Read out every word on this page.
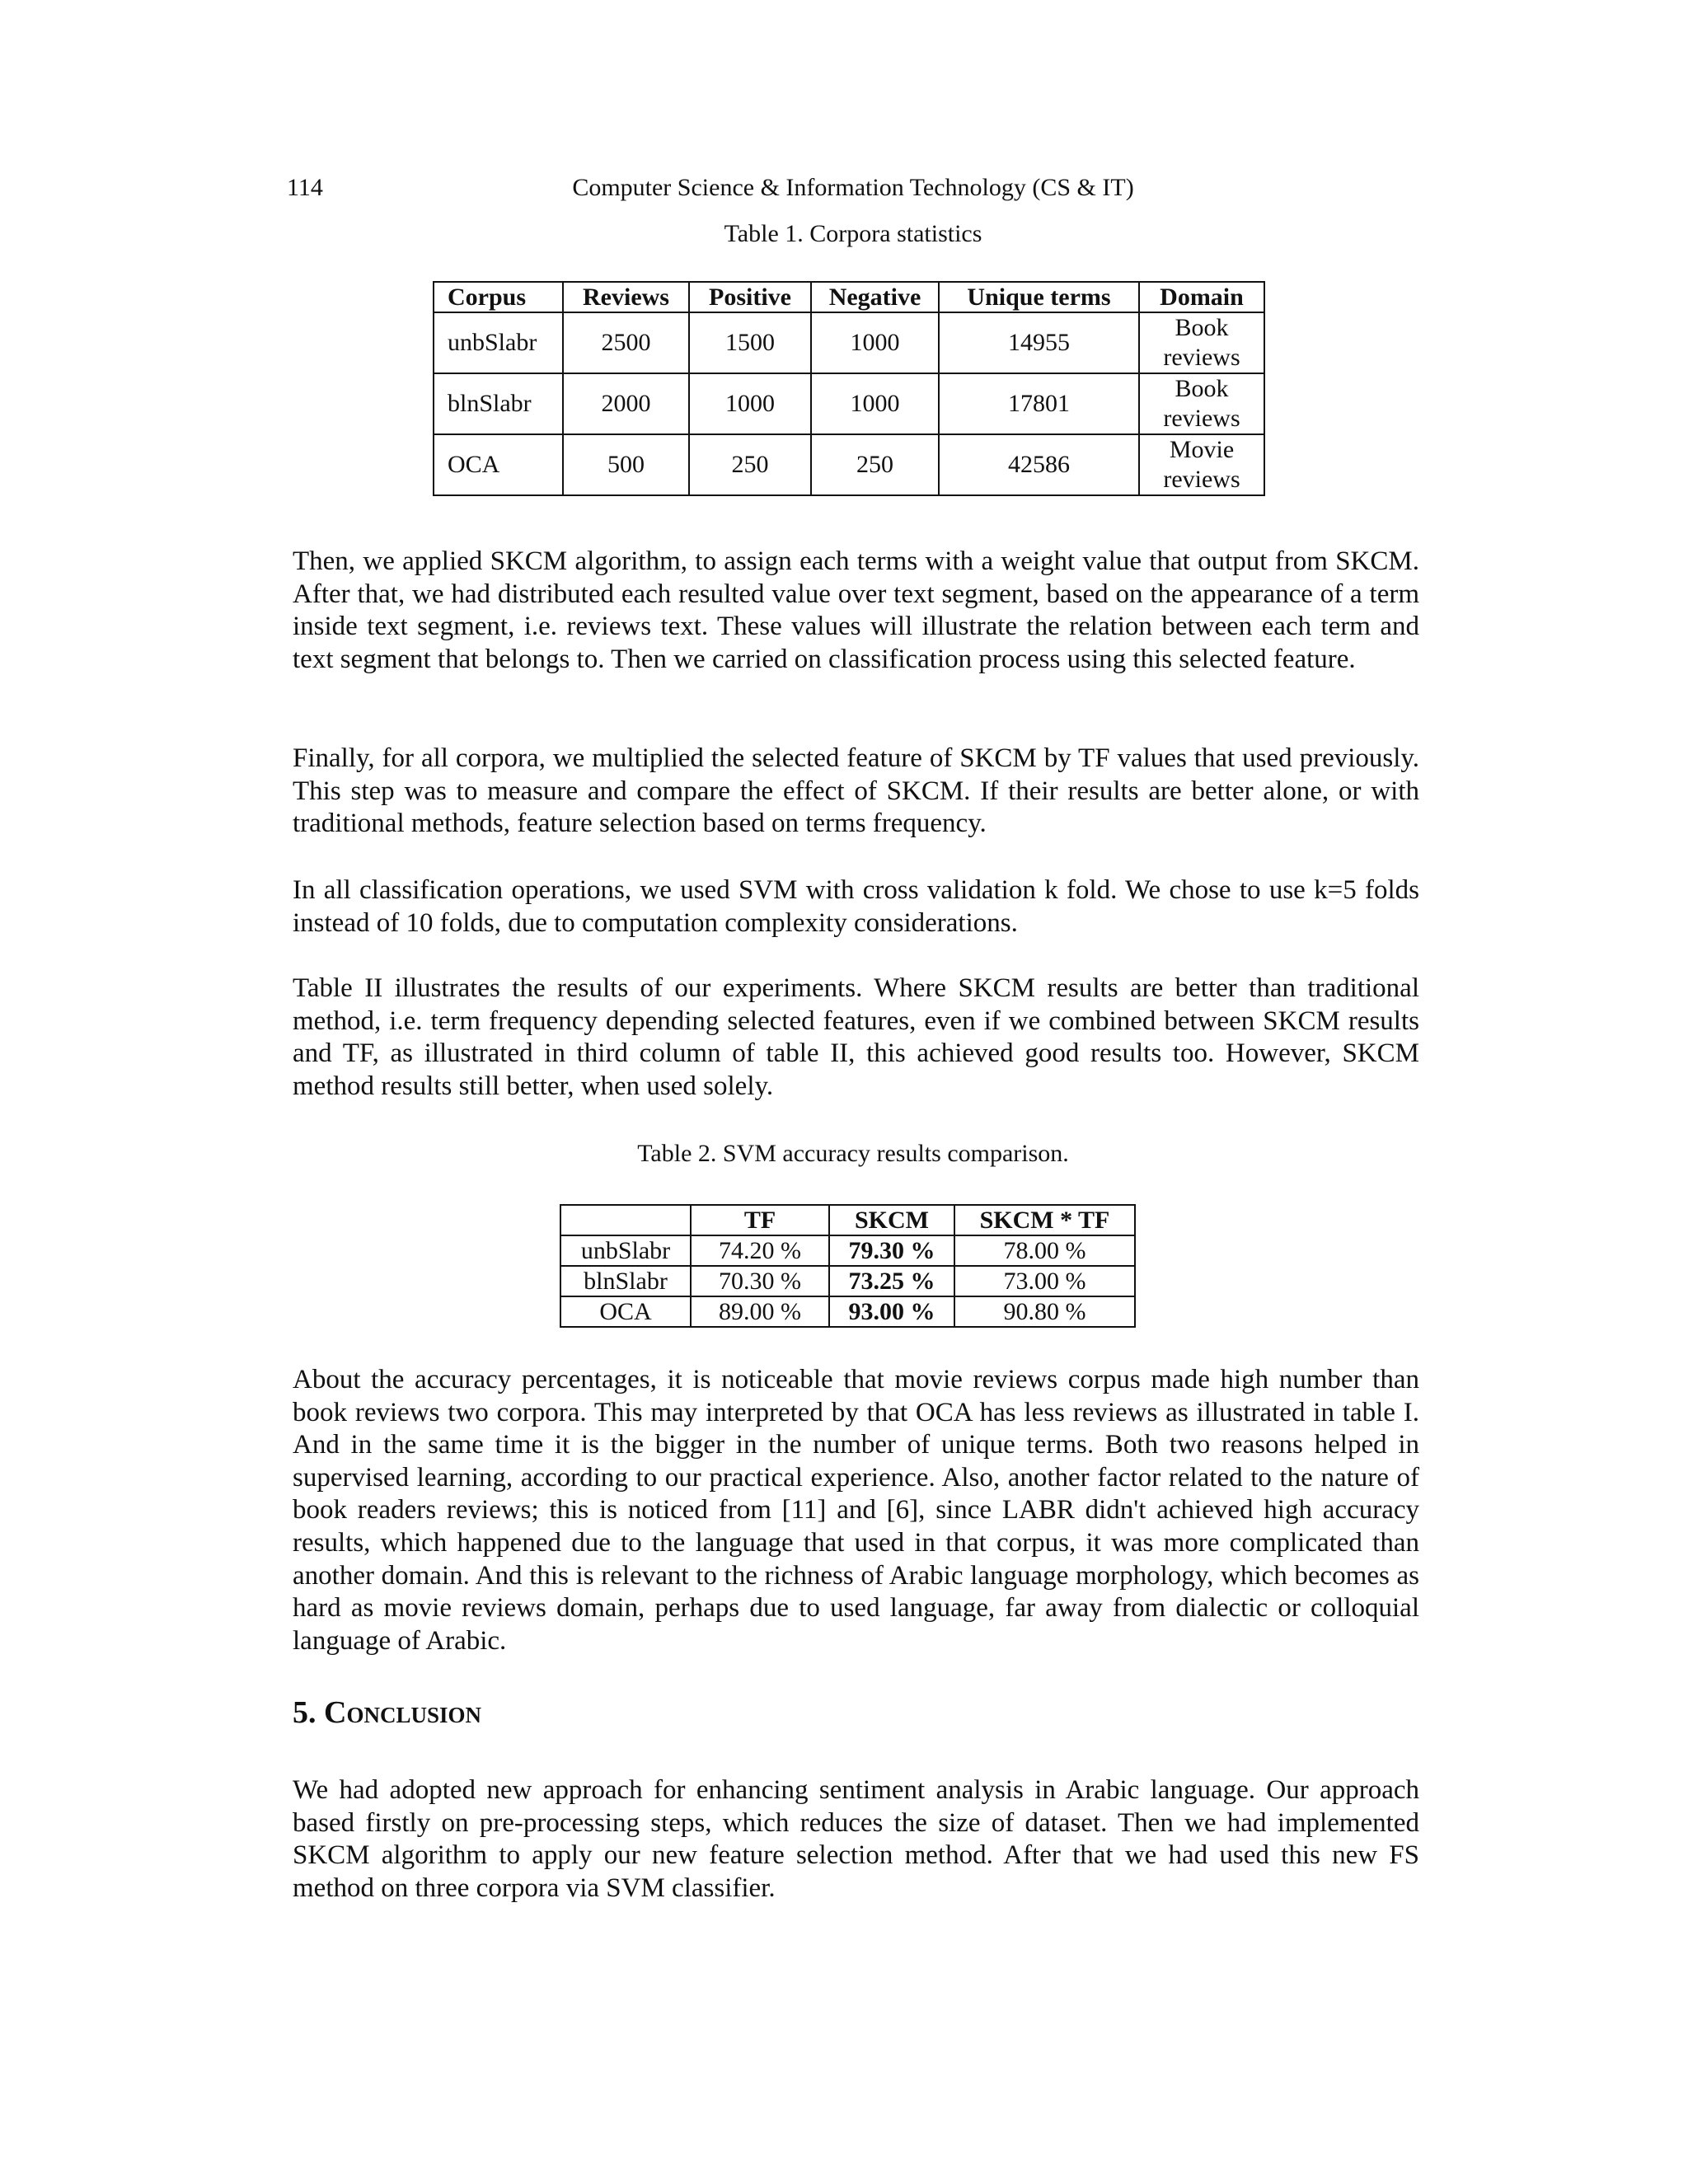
114	Computer Science & Information Technology (CS & IT)
Table 1. Corpora statistics
Corpus	Reviews	Positive	Negative	Unique terms	Domain
unbSlabr	2500	1500	1000	14955	Book
reviews

blnSlabr	2000	1000	1000	17801	Book
reviews

OCA	500	250	250	42586	Movie
reviews

Then, we applied SKCM algorithm, to assign each terms with a weight value that output from SKCM. After that, we had distributed each resulted value over text segment, based on the appearance of a term inside text segment, i.e. reviews text. These values will illustrate the relation between each term and text segment that belongs to. Then we carried on classification process using this selected feature.

Finally, for all corpora, we multiplied the selected feature of SKCM by TF values that used previously. This step was to measure and compare the effect of SKCM. If their results are better alone, or with traditional methods, feature selection based on terms frequency.

In all classification operations, we used SVM with cross validation k fold. We chose to use k=5 folds instead of 10 folds, due to computation complexity considerations.

Table II illustrates the results of our experiments. Where SKCM results are better than traditional method, i.e. term frequency depending selected features, even if we combined between SKCM results and TF, as illustrated in third column of table II, this achieved good results too. However, SKCM method results still better, when used solely.

Table 2. SVM accuracy results comparison.
	TF	SKCM	SKCM * TF
unbSlabr	74.20 %	79.30 %	78.00 %
blnSlabr	70.30 %	73.25 %	73.00 %
OCA	89.00 %	93.00 %	90.80 %

About the accuracy percentages, it is noticeable that movie reviews corpus made high number than book reviews two corpora. This may interpreted by that OCA has less reviews as illustrated in table I. And in the same time it is the bigger in the number of unique terms. Both two reasons helped in supervised learning, according to our practical experience. Also, another factor related to the nature of book readers reviews; this is noticed from [11] and [6], since LABR didn't achieved high accuracy results, which happened due to the language that used in that corpus, it was more complicated than another domain. And this is relevant to the richness of Arabic language morphology, which becomes as hard as movie reviews domain, perhaps due to used language, far away from dialectic or colloquial language of Arabic.

5. Conclusion

We had adopted new approach for enhancing sentiment analysis in Arabic language. Our approach based firstly on pre-processing steps, which reduces the size of dataset. Then we had implemented SKCM algorithm to apply our new feature selection method. After that we had used this new FS method on three corpora via SVM classifier.
